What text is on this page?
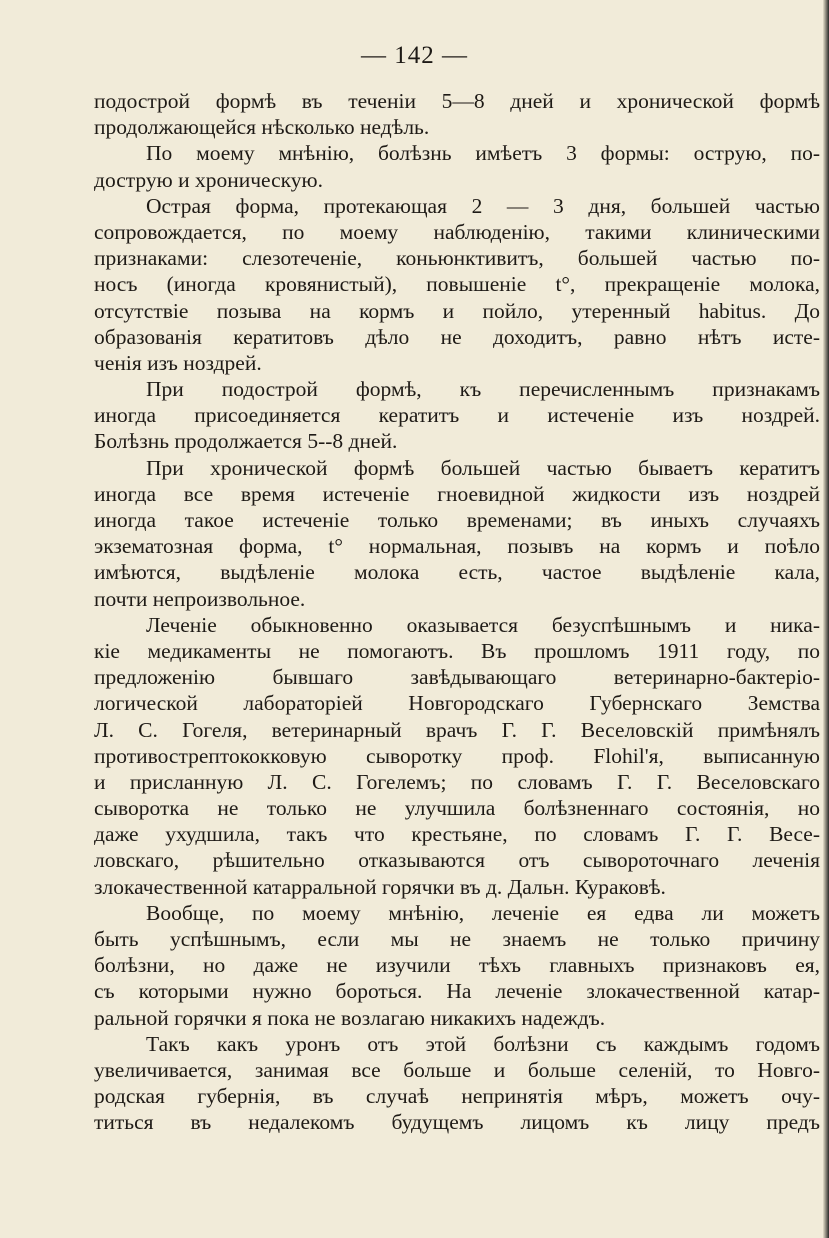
— 142 —
подострой формѣ въ теченіи 5—8 дней и хронической формѣ
продолжающейся нѣсколько недѣль.
По моему мнѣнію, болѣзнь имѣетъ 3 формы: острую, по-
дострую и хроническую.
Острая форма, протекающая 2 — 3 дня, большей частью
сопровождается, по моему наблюденію, такими клиническими
признаками: слезотеченіе, коньюнктивитъ, большей частью по-
носъ (иногда кровянистый), повышеніе t°, прекращеніе молока,
отсутствіе позыва на кормъ и пойло, утеренный habitus. До
образованія кератитовъ дѣло не доходитъ, равно нѣтъ исте-
ченія изъ ноздрей.
При подострой формѣ, къ перечисленнымъ признакамъ
иногда присоединяется кератитъ и истеченіе изъ ноздрей.
Болѣзнь продолжается 5--8 дней.
При хронической формѣ большей частью бываетъ кератитъ
иногда все время истеченіе гноевидной жидкости изъ ноздрей
иногда такое истеченіе только временами; въ иныхъ случаяхъ
экзематозная форма, t° нормальная, позывъ на кормъ и поѣло
имѣются, выдѣленіе молока есть, частое выдѣленіе кала,
почти непроизвольное.
Леченіе обыкновенно оказывается безуспѣшнымъ и ника-
кіе медикаменты не помогаютъ. Въ прошломъ 1911 году, по
предложенію бывшаго завѣдывающаго ветеринарно-бактеріо-
логической лабораторіей Новгородскаго Губернскаго Земства
Л. С. Гогеля, ветеринарный врачъ Г. Г. Веселовскій примѣнялъ
противострептококковую сыворотку проф. Flohil'я, выписанную
и присланную Л. С. Гогелемъ; по словамъ Г. Г. Веселовскаго
сыворотка не только не улучшила болѣзненнаго состоянія, но
даже ухудшила, такъ что крестьяне, по словамъ Г. Г. Весе-
ловскаго, рѣшительно отказываются отъ сывороточнаго леченія
злокачественной катарральной горячки въ д. Дальн. Кураковѣ.
Вообще, по моему мнѣнію, леченіе ея едва ли можетъ
быть успѣшнымъ, если мы не знаемъ не только причину
болѣзни, но даже не изучили тѣхъ главныхъ признаковъ ея,
съ которыми нужно бороться. На леченіе злокачественной катар-
ральной горячки я пока не возлагаю никакихъ надеждъ.
Такъ какъ уронъ отъ этой болѣзни съ каждымъ годомъ
увеличивается, занимая все больше и больше селеній, то Новго-
родская губернія, въ случаѣ непринятія мѣръ, можетъ очу-
титься въ недалекомъ будущемъ лицомъ къ лицу предъ
